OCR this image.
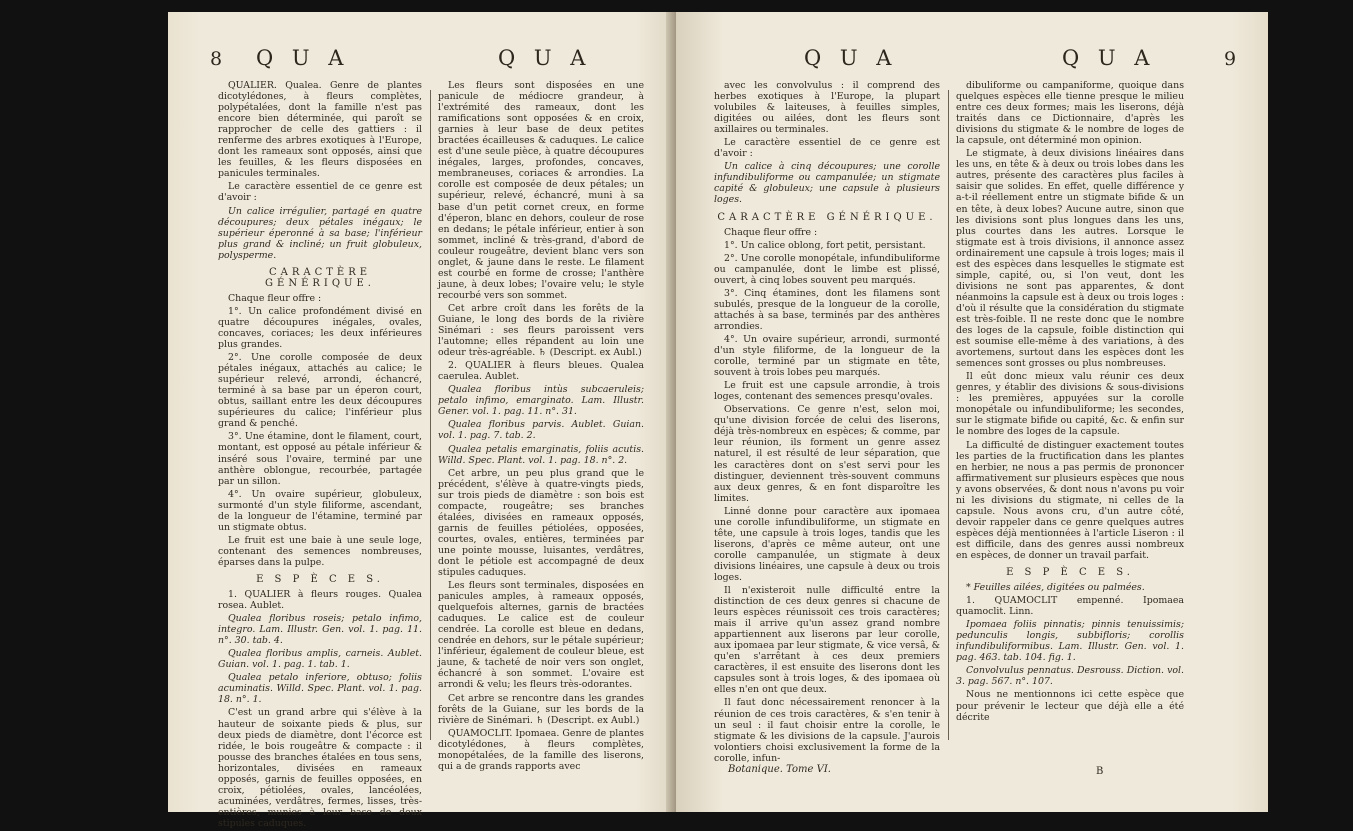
8 Q U A	Q U A

QUALIER. Qualea. Genre de plantes dicotylédones, à fleurs complètes, polypétalées, dont la famille n'est pas encore bien déterminée, qui paroît se rapprocher de celle des gattiers : il renferme des arbres exotiques à l'Europe, dont les rameaux sont opposés, ainsi que les feuilles, & les fleurs disposées en panicules terminales.

Le caractère essentiel de ce genre est d'avoir :

Un calice irrégulier, partagé en quatre découpures; deux pétales inégaux; le supérieur éperonné à sa base; l'inférieur plus grand & incliné; un fruit globuleux, polysperme.

CARACTÈRE GÉNÉRIQUE.

Chaque fleur offre :

1°. Un calice profondément divisé en quatre découpures inégales, ovales, concaves, coriaces; les deux inférieures plus grandes.

2°. Une corolle composée de deux pétales inégaux, attachés au calice; le supérieur relevé, arrondi, échancré, terminé à sa base par un éperon court, obtus, saillant entre les deux découpures supérieures du calice; l'inférieur plus grand & penché.

3°. Une étamine, dont le filament, court, montant, est opposé au pétale inférieur & inséré sous l'ovaire, terminé par une anthère oblongue, recourbée, partagée par un sillon.

4°. Un ovaire supérieur, globuleux, surmonté d'un style filiforme, ascendant, de la longueur de l'étamine, terminé par un stigmate obtus.

Le fruit est une baie à une seule loge, contenant des semences nombreuses, éparses dans la pulpe.

E S P È C E S.

1. QUALIER à fleurs rouges. Qualea rosea. Aublet.

Qualea floribus roseis; petalo infimo, integro. Lam. Illustr. Gen. vol. 1. pag. 11. n°. 30. tab. 4.

Qualea floribus amplis, carneis. Aublet. Guian. vol. 1. pag. 1. tab. 1.

Qualea petalo inferiore, obtuso; foliis acuminatis. Willd. Spec. Plant. vol. 1. pag. 18. n°. 1.

C'est un grand arbre qui s'élève à la hauteur de soixante pieds & plus, sur deux pieds de diamètre, dont l'écorce est ridée, le bois rougeâtre & compacte : il pousse des branches étalées en tous sens, horizontales, divisées en rameaux opposés, garnis de feuilles opposées, en croix, pétiolées, ovales, lancéolées, acuminées, verdâtres, fermes, lisses, très-entières, munies à leur base de deux stipules caduques.

Les fleurs sont disposées en une panicule de médiocre grandeur, à l'extrémité des rameaux, dont les ramifications sont opposées & en croix, garnies à leur base de deux petites bractées écailleuses & caduques. Le calice est d'une seule pièce, à quatre découpures inégales, larges, profondes, concaves, membraneuses, coriaces & arrondies. La corolle est composée de deux pétales; un supérieur, relevé, échancré, muni à sa base d'un petit cornet creux, en forme d'éperon, blanc en dehors, couleur de rose en dedans; le pétale inférieur, entier à son sommet, incliné & très-grand, d'abord de couleur rougeâtre, devient blanc vers son onglet, & jaune dans le reste. Le filament est courbé en forme de crosse; l'anthère jaune, à deux lobes; l'ovaire velu; le style recourbé vers son sommet.

Cet arbre croît dans les forêts de la Guiane, le long des bords de la rivière Sinémari : ses fleurs paroissent vers l'automne; elles répandent au loin une odeur très-agréable. ♄ (Descript. ex Aubl.)

2. QUALIER à fleurs bleues. Qualea caerulea. Aublet.

Qualea floribus intùs subcaeruleis; petalo infimo, emarginato. Lam. Illustr. Gener. vol. 1. pag. 11. n°. 31.

Qualea floribus parvis. Aublet. Guian. vol. 1. pag. 7. tab. 2.

Qualea petalis emarginatis, foliis acutis. Willd. Spec. Plant. vol. 1. pag. 18. n°. 2.

Cet arbre, un peu plus grand que le précédent, s'élève à quatre-vingts pieds, sur trois pieds de diamètre : son bois est compacte, rougeâtre; ses branches étalées, divisées en rameaux opposés, garnis de feuilles pétiolées, opposées, courtes, ovales, entières, terminées par une pointe mousse, luisantes, verdâtres, dont le pétiole est accompagné de deux stipules caduques.

Les fleurs sont terminales, disposées en panicules amples, à rameaux opposés, quelquefois alternes, garnis de bractées caduques. Le calice est de couleur cendrée. La corolle est bleue en dedans, cendrée en dehors, sur le pétale supérieur; l'inférieur, également de couleur bleue, est jaune, & tacheté de noir vers son onglet, échancré à son sommet. L'ovaire est arrondi & velu; les fleurs très-odorantes.

Cet arbre se rencontre dans les grandes forêts de la Guiane, sur les bords de la rivière de Sinémari. ♄ (Descript. ex Aubl.)

QUAMOCLIT. Ipomaea. Genre de plantes dicotylédones, à fleurs complètes, monopétalées, de la famille des liserons, qui a de grands rapports avec

Q U A	Q U A	9

avec les convolvulus : il comprend des herbes exotiques à l'Europe, la plupart volubiles & laiteuses, à feuilles simples, digitées ou ailées, dont les fleurs sont axillaires ou terminales.

Le caractère essentiel de ce genre est d'avoir :

Un calice à cinq découpures; une corolle infundibuliforme ou campanulée; un stigmate capité & globuleux; une capsule à plusieurs loges.

CARACTÈRE GÉNÉRIQUE.

Chaque fleur offre :

1°. Un calice oblong, fort petit, persistant.

2°. Une corolle monopétale, infundibuliforme ou campanulée, dont le limbe est plissé, ouvert, à cinq lobes souvent peu marqués.

3°. Cinq étamines, dont les filamens sont subulés, presque de la longueur de la corolle, attachés à sa base, terminés par des anthères arrondies.

4°. Un ovaire supérieur, arrondi, surmonté d'un style filiforme, de la longueur de la corolle, terminé par un stigmate en tête, souvent à trois lobes peu marqués.

Le fruit est une capsule arrondie, à trois loges, contenant des semences presqu'ovales.

Observations. Ce genre n'est, selon moi, qu'une division forcée de celui des liserons, déjà très-nombreux en espèces; & comme, par leur réunion, ils forment un genre assez naturel, il est résulté de leur séparation, que les caractères dont on s'est servi pour les distinguer, deviennent très-souvent communs aux deux genres, & en font disparoître les limites.

Linné donne pour caractère aux ipomaea une corolle infundibuliforme, un stigmate en tête, une capsule à trois loges, tandis que les liserons, d'après ce même auteur, ont une corolle campanulée, un stigmate à deux divisions linéaires, une capsule à deux ou trois loges.

Il n'existeroit nulle difficulté entre la distinction de ces deux genres si chacune de leurs espèces réunissoit ces trois caractères; mais il arrive qu'un assez grand nombre appartiennent aux liserons par leur corolle, aux ipomaea par leur stigmate, & vice versâ, & qu'en s'arrêtant à ces deux premiers caractères, il est ensuite des liserons dont les capsules sont à trois loges, & des ipomaea où elles n'en ont que deux.

Il faut donc nécessairement renoncer à la réunion de ces trois caractères, & s'en tenir à un seul : il faut choisir entre la corolle, le stigmate & les divisions de la capsule. J'aurois volontiers choisi exclusivement la forme de la corolle, infun-

dibuliforme ou campaniforme, quoique dans quelques espèces elle tienne presque le milieu entre ces deux formes; mais les liserons, déjà traités dans ce Dictionnaire, d'après les divisions du stigmate & le nombre de loges de la capsule, ont déterminé mon opinion.

Le stigmate, à deux divisions linéaires dans les uns, en tête & à deux ou trois lobes dans les autres, présente des caractères plus faciles à saisir que solides. En effet, quelle différence y a-t-il réellement entre un stigmate bifide & un en tête, à deux lobes? Aucune autre, sinon que les divisions sont plus longues dans les uns, plus courtes dans les autres. Lorsque le stigmate est à trois divisions, il annonce assez ordinairement une capsule à trois loges; mais il est des espèces dans lesquelles le stigmate est simple, capité, ou, si l'on veut, dont les divisions ne sont pas apparentes, & dont néanmoins la capsule est à deux ou trois loges : d'où il résulte que la considération du stigmate est très-foible. Il ne reste donc que le nombre des loges de la capsule, foible distinction qui est soumise elle-même à des variations, à des avortemens, surtout dans les espèces dont les semences sont grosses ou plus nombreuses.

Il eût donc mieux valu réunir ces deux genres, y établir des divisions & sous-divisions : les premières, appuyées sur la corolle monopétale ou infundibuliforme; les secondes, sur le stigmate bifide ou capité, &c. & enfin sur le nombre des loges de la capsule.

La difficulté de distinguer exactement toutes les parties de la fructification dans les plantes en herbier, ne nous a pas permis de prononcer affirmativement sur plusieurs espèces que nous y avons observées, & dont nous n'avons pu voir ni les divisions du stigmate, ni celles de la capsule. Nous avons cru, d'un autre côté, devoir rappeler dans ce genre quelques autres espèces déjà mentionnées à l'article Liseron : il est difficile, dans des genres aussi nombreux en espèces, de donner un travail parfait.

E S P È C E S.

* Feuilles ailées, digitées ou palmées.

1. QUAMOCLIT empenné. Ipomaea quamoclit. Linn.

Ipomaea foliis pinnatis; pinnis tenuissimis; pedunculis longis, subbifloris; corollis infundibuliformibus. Lam. Illustr. Gen. vol. 1. pag. 463. tab. 104. fig. 1.

Convolvulus pennatus. Desrouss. Diction. vol. 3. pag. 567. n°. 107.

Nous ne mentionnons ici cette espèce que pour prévenir le lecteur que déjà elle a été décrite

Botanique. Tome VI.	B
